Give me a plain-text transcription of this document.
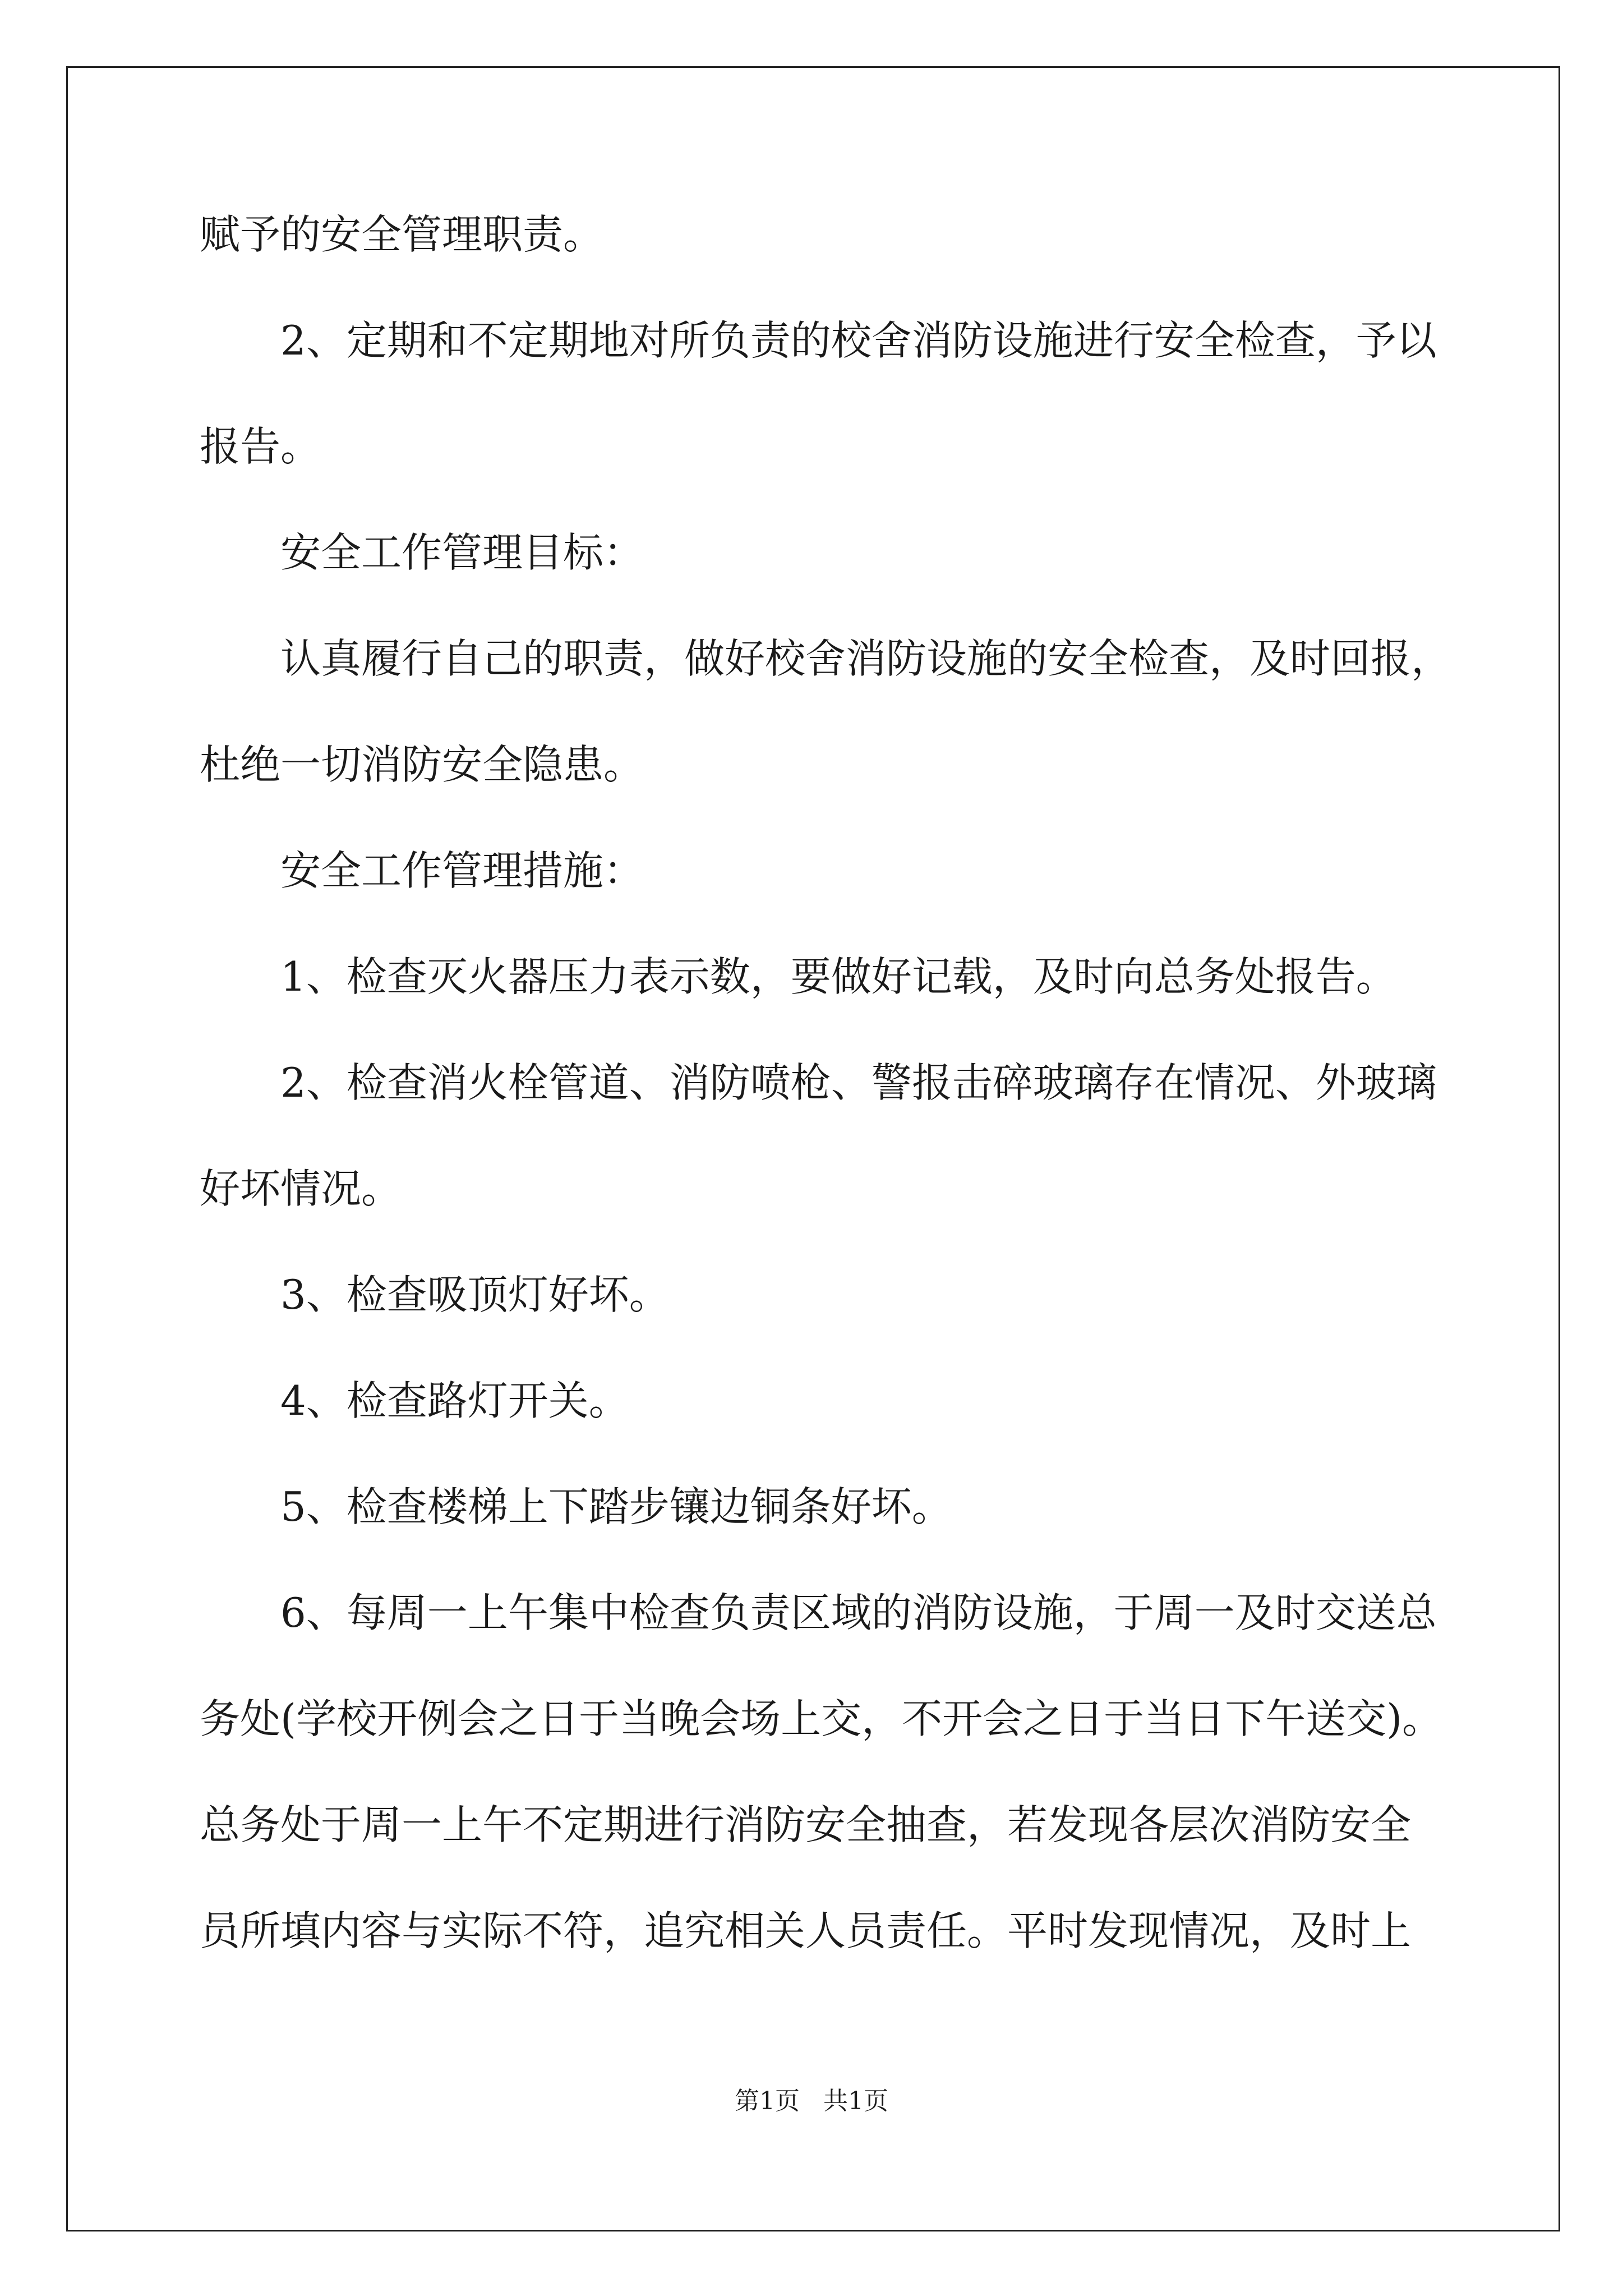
赋予的安全管理职责。
2、定期和不定期地对所负责的校舍消防设施进行安全检查，予以
报告。
安全工作管理目标：
认真履行自己的职责，做好校舍消防设施的安全检查，及时回报，
杜绝一切消防安全隐患。
安全工作管理措施：
1、检查灭火器压力表示数，要做好记载，及时向总务处报告。
2、检查消火栓管道、消防喷枪、警报击碎玻璃存在情况、外玻璃
好坏情况。
3、检查吸顶灯好坏。
4、检查路灯开关。
5、检查楼梯上下踏步镶边铜条好坏。
6、每周一上午集中检查负责区域的消防设施，于周一及时交送总
务处(学校开例会之日于当晚会场上交，不开会之日于当日下午送交)。
总务处于周一上午不定期进行消防安全抽查，若发现各层次消防安全
员所填内容与实际不符，追究相关人员责任。平时发现情况，及时上
第1页   共1页
